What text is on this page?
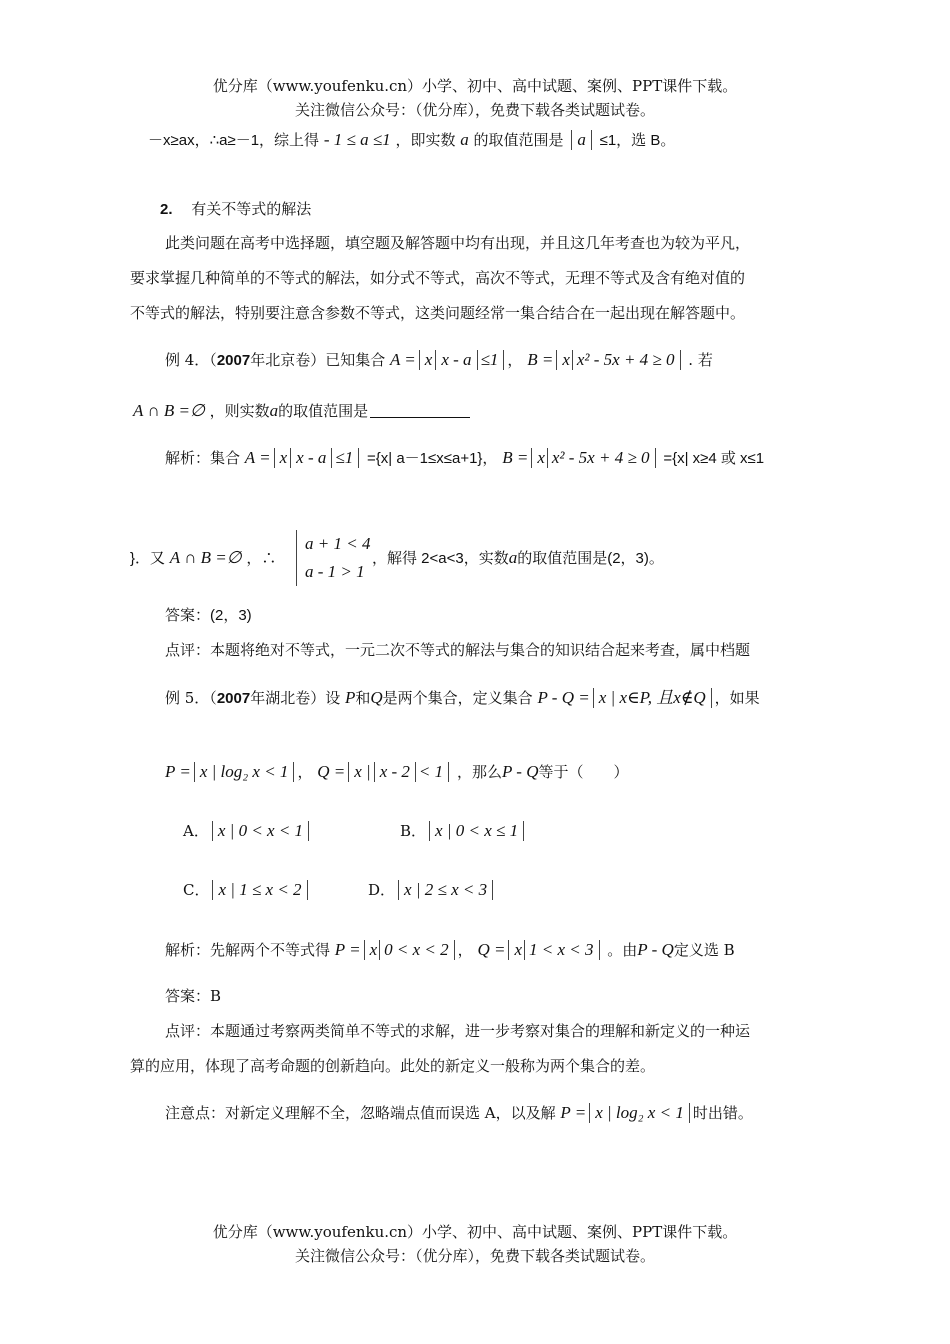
优分库（www.youfenku.cn）小学、初中、高中试题、案例、PPT课件下载。
关注微信公众号：（优分库），免费下载各类试题试卷。
－x≥ax，∴a≥－1，综上得 - 1 ≤ a ≤1 ，即实数 a 的取值范围是 a ≤1，选 B。
2. 有关不等式的解法
此类问题在高考中选择题，填空题及解答题中均有出现，并且这几年考查也为较为平凡，
要求掌握几种简单的不等式的解法，如分式不等式，高次不等式，无理不等式及含有绝对值的
不等式的解法，特别要注意含参数不等式，这类问题经常一集合结合在一起出现在解答题中。
例 4．（2007年北京卷）已知集合 A = x x - a ≤1 ， B = x x² - 5x + 4 ≥ 0 . 若
A ∩ B =∅ ，则实数a的取值范围是
解析：集合 A = x x - a ≤1 ={x| a－1≤x≤a+1}， B = x x² - 5x + 4 ≥ 0 ={x| x≥4 或 x≤1
}．又 A ∩ B =∅ ，∴
a + 1 < 4
a - 1 > 1
，解得 2<a<3，实数a的取值范围是(2，3)。
答案：(2，3)
点评：本题将绝对不等式，一元二次不等式的解法与集合的知识结合起来考查，属中档题
例 5．（2007年湖北卷）设 P和Q是两个集合，定义集合 P - Q = x | x∈P, 且x∉Q ，如果
P = x | log₂ x < 1 ， Q = x | x - 2 < 1 ，那么P - Q等于（　　）
A． x | 0 < x < 1	B． x | 0 < x ≤ 1
C． x | 1 ≤ x < 2	D． x | 2 ≤ x < 3
解析：先解两个不等式得 P = x 0 < x < 2 ， Q = x 1 < x < 3 。由P - Q定义选 B
答案：B
点评：本题通过考察两类简单不等式的求解，进一步考察对集合的理解和新定义的一种运
算的应用，体现了高考命题的创新趋向。此处的新定义一般称为两个集合的差。
注意点：对新定义理解不全，忽略端点值而误选 A，以及解 P = x | log₂ x < 1 时出错。
优分库（www.youfenku.cn）小学、初中、高中试题、案例、PPT课件下载。
关注微信公众号：（优分库），免费下载各类试题试卷。
